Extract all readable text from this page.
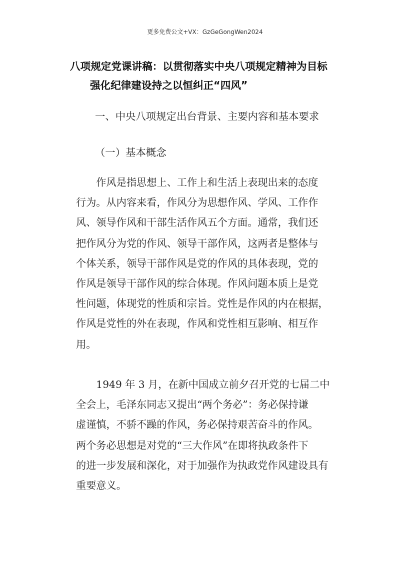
更多免费公文+VX：GzGeGongWen2024
八项规定党课讲稿：以贯彻落实中央八项规定精神为目标
强化纪律建设持之以恒纠正“四风”
一、中央八项规定出台背景、主要内容和基本要求
（一）基本概念
　　作风是指思想上、工作上和生活上表现出来的态度
行为。从内容来看，作风分为思想作风、学风、工作作
风、领导作风和干部生活作风五个方面。通常，我们还
把作风分为党的作风、领导干部作风，这两者是整体与
个体关系，领导干部作风是党的作风的具体表现，党的
作风是领导干部作风的综合体现。作风问题本质上是党
性问题，体现党的性质和宗旨。党性是作风的内在根据，
作风是党性的外在表现，作风和党性相互影响、相互作
用。
　　1949 年 3 月，在新中国成立前夕召开党的七届二中
全会上，毛泽东同志又提出“两个务必”：务必保持谦
虚谨慎，不骄不躁的作风，务必保持艰苦奋斗的作风。
两个务必思想是对党的“三大作风”在即将执政条件下
的进一步发展和深化，对于加强作为执政党作风建设具有
重要意义。
